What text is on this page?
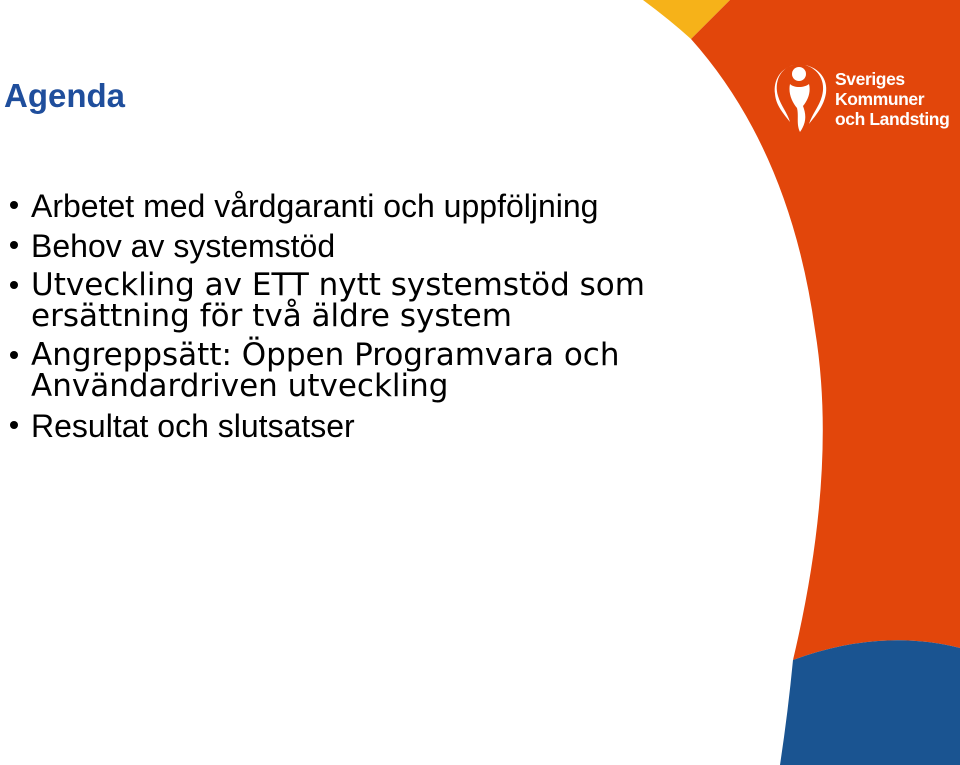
Agenda
Arbetet med vårdgaranti och uppföljning
Behov av systemstöd
Utveckling av ETT nytt systemstöd som ersättning för två äldre system
Angreppsätt: Öppen Programvara och Användardriven utveckling
Resultat och slutsatser

Sveriges
Kommuner
och Landsting
